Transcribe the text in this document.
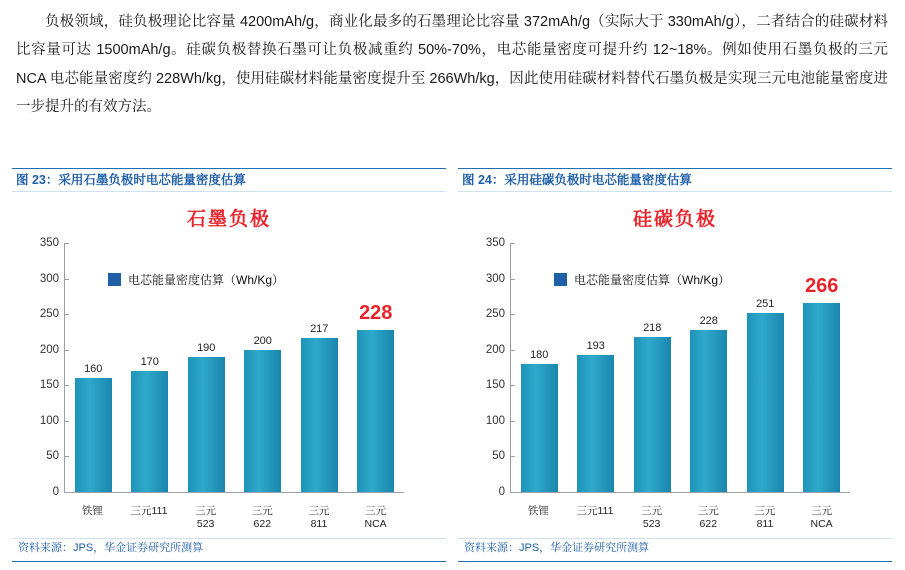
负极领域，硅负极理论比容量 4200mAh/g，商业化最多的石墨理论比容量 372mAh/g（实际大于 330mAh/g），二者结合的硅碳材料比容量可达 1500mAh/g。硅碳负极替换石墨可让负极减重约 50%-70%，电芯能量密度可提升约 12~18%。例如使用石墨负极的三元 NCA 电芯能量密度约 228Wh/kg，使用硅碳材料能量密度提升至 266Wh/kg，因此使用硅碳材料替代石墨负极是实现三元电池能量密度进一步提升的有效方法。
图 23：采用石墨负极时电芯能量密度估算
石墨负极
电芯能量密度估算（Wh/Kg）
0
50
100
150
200
250
300
350
160
170
190
200
217
228
铁锂	三元111	三元523
三元622
三元811
三元NCA
资料来源：JPS，华金证券研究所测算
图 24：采用硅碳负极时电芯能量密度估算
硅碳负极
电芯能量密度估算（Wh/Kg）
0
50
100
150
200
250
300
350
180
193
218
228
251
266
铁锂	三元111	三元523
三元622
三元811
三元NCA
资料来源：JPS，华金证券研究所测算
